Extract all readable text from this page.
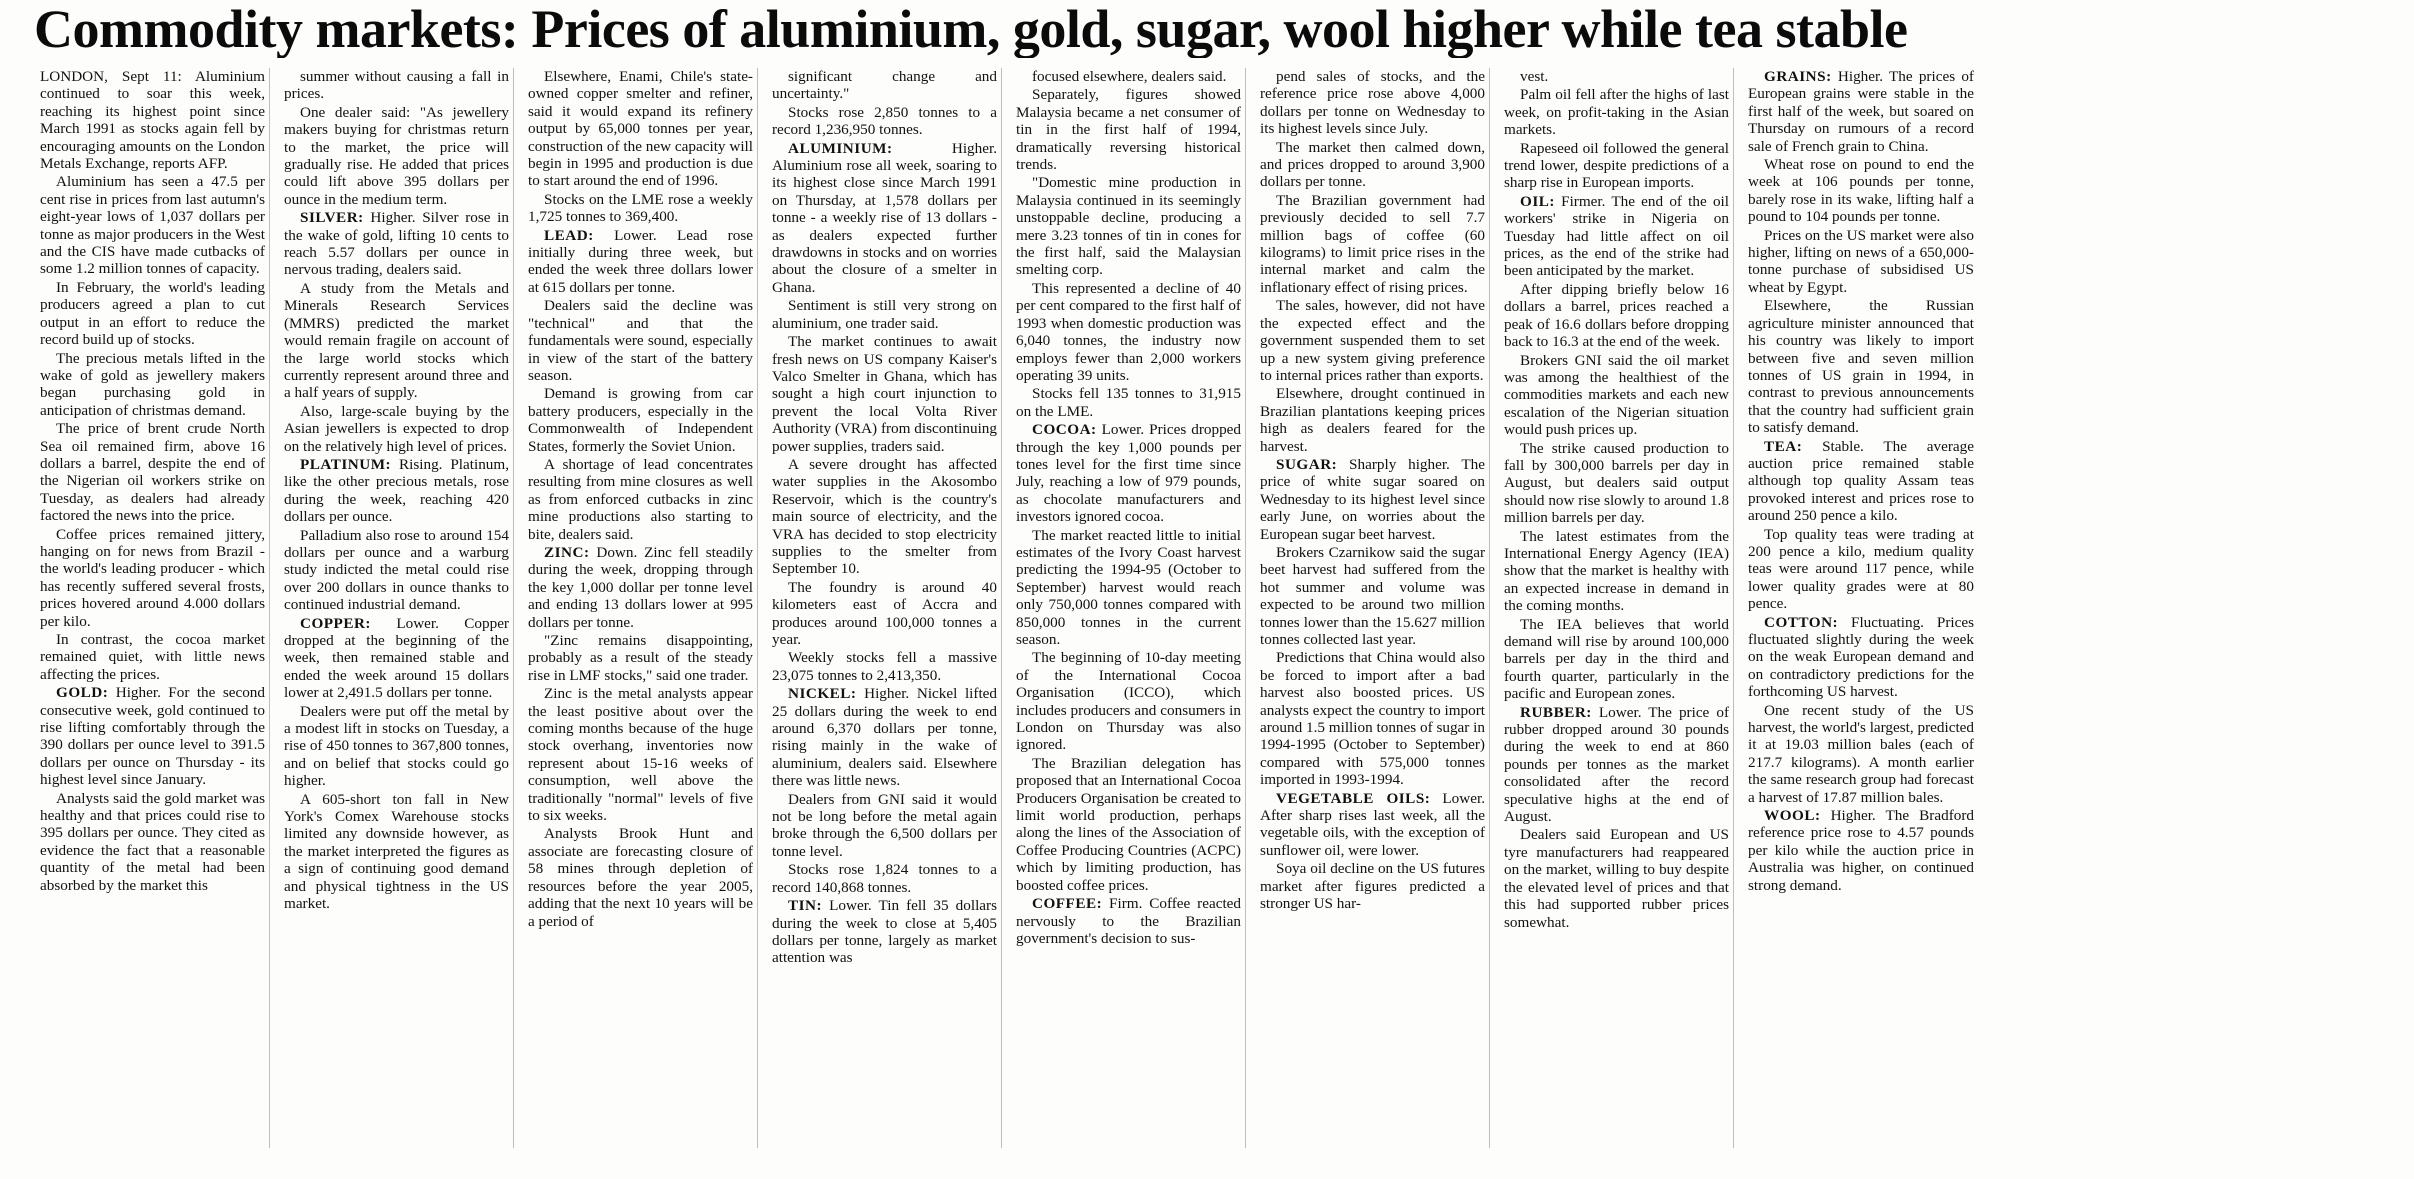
Commodity markets: Prices of aluminium, gold, sugar, wool higher while tea stable

LONDON, Sept 11: Aluminium continued to soar this week, reaching its highest point since March 1991 as stocks again fell by encouraging amounts on the London Metals Exchange, reports AFP.

Aluminium has seen a 47.5 per cent rise in prices from last autumn's eight-year lows of 1,037 dollars per tonne as major producers in the West and the CIS have made cutbacks of some 1.2 million tonnes of capacity.

In February, the world's leading producers agreed a plan to cut output in an effort to reduce the record build up of stocks.

The precious metals lifted in the wake of gold as jewellery makers began purchasing gold in anticipation of christmas demand.

The price of brent crude North Sea oil remained firm, above 16 dollars a barrel, despite the end of the Nigerian oil workers strike on Tuesday, as dealers had already factored the news into the price.

Coffee prices remained jittery, hanging on for news from Brazil - the world's leading producer - which has recently suffered several frosts, prices hovered around 4.000 dollars per kilo.

In contrast, the cocoa market remained quiet, with little news affecting the prices.

GOLD: Higher. For the second consecutive week, gold continued to rise lifting comfortably through the 390 dollars per ounce level to 391.5 dollars per ounce on Thursday - its highest level since January.

Analysts said the gold market was healthy and that prices could rise to 395 dollars per ounce. They cited as evidence the fact that a reasonable quantity of the metal had been absorbed by the market this

summer without causing a fall in prices.

One dealer said: "As jewellery makers buying for christmas return to the market, the price will gradually rise. He added that prices could lift above 395 dollars per ounce in the medium term.

SILVER: Higher. Silver rose in the wake of gold, lifting 10 cents to reach 5.57 dollars per ounce in nervous trading, dealers said.

A study from the Metals and Minerals Research Services (MMRS) predicted the market would remain fragile on account of the large world stocks which currently represent around three and a half years of supply.

Also, large-scale buying by the Asian jewellers is expected to drop on the relatively high level of prices.

PLATINUM: Rising. Platinum, like the other precious metals, rose during the week, reaching 420 dollars per ounce.

Palladium also rose to around 154 dollars per ounce and a warburg study indicted the metal could rise over 200 dollars in ounce thanks to continued industrial demand.

COPPER: Lower. Copper dropped at the beginning of the week, then remained stable and ended the week around 15 dollars lower at 2,491.5 dollars per tonne.

Dealers were put off the metal by a modest lift in stocks on Tuesday, a rise of 450 tonnes to 367,800 tonnes, and on belief that stocks could go higher.

A 605-short ton fall in New York's Comex Warehouse stocks limited any downside however, as the market interpreted the figures as a sign of continuing good demand and physical tightness in the US market.

Elsewhere, Enami, Chile's state-owned copper smelter and refiner, said it would expand its refinery output by 65,000 tonnes per year, construction of the new capacity will begin in 1995 and production is due to start around the end of 1996.

Stocks on the LME rose a weekly 1,725 tonnes to 369,400.

LEAD: Lower. Lead rose initially during three week, but ended the week three dollars lower at 615 dollars per tonne.

Dealers said the decline was "technical" and that the fundamentals were sound, especially in view of the start of the battery season.

Demand is growing from car battery producers, especially in the Commonwealth of Independent States, formerly the Soviet Union.

A shortage of lead concentrates resulting from mine closures as well as from enforced cutbacks in zinc mine productions also starting to bite, dealers said.

ZINC: Down. Zinc fell steadily during the week, dropping through the key 1,000 dollar per tonne level and ending 13 dollars lower at 995 dollars per tonne.

"Zinc remains disappointing, probably as a result of the steady rise in LMF stocks," said one trader.

Zinc is the metal analysts appear the least positive about over the coming months because of the huge stock overhang, inventories now represent about 15-16 weeks of consumption, well above the traditionally "normal" levels of five to six weeks.

Analysts Brook Hunt and associate are forecasting closure of 58 mines through depletion of resources before the year 2005, adding that the next 10 years will be a period of

significant change and uncertainty."

Stocks rose 2,850 tonnes to a record 1,236,950 tonnes.

ALUMINIUM: Higher. Aluminium rose all week, soaring to its highest close since March 1991 on Thursday, at 1,578 dollars per tonne - a weekly rise of 13 dollars - as dealers expected further drawdowns in stocks and on worries about the closure of a smelter in Ghana.

Sentiment is still very strong on aluminium, one trader said.

The market continues to await fresh news on US company Kaiser's Valco Smelter in Ghana, which has sought a high court injunction to prevent the local Volta River Authority (VRA) from discontinuing power supplies, traders said.

A severe drought has affected water supplies in the Akosombo Reservoir, which is the country's main source of electricity, and the VRA has decided to stop electricity supplies to the smelter from September 10.

The foundry is around 40 kilometers east of Accra and produces around 100,000 tonnes a year.

Weekly stocks fell a massive 23,075 tonnes to 2,413,350.

NICKEL: Higher. Nickel lifted 25 dollars during the week to end around 6,370 dollars per tonne, rising mainly in the wake of aluminium, dealers said. Elsewhere there was little news.

Dealers from GNI said it would not be long before the metal again broke through the 6,500 dollars per tonne level.

Stocks rose 1,824 tonnes to a record 140,868 tonnes.

TIN: Lower. Tin fell 35 dollars during the week to close at 5,405 dollars per tonne, largely as market attention was

focused elsewhere, dealers said.

Separately, figures showed Malaysia became a net consumer of tin in the first half of 1994, dramatically reversing historical trends.

"Domestic mine production in Malaysia continued in its seemingly unstoppable decline, producing a mere 3.23 tonnes of tin in cones for the first half, said the Malaysian smelting corp.

This represented a decline of 40 per cent compared to the first half of 1993 when domestic production was 6,040 tonnes, the industry now employs fewer than 2,000 workers operating 39 units.

Stocks fell 135 tonnes to 31,915 on the LME.

COCOA: Lower. Prices dropped through the key 1,000 pounds per tones level for the first time since July, reaching a low of 979 pounds, as chocolate manufacturers and investors ignored cocoa.

The market reacted little to initial estimates of the Ivory Coast harvest predicting the 1994-95 (October to September) harvest would reach only 750,000 tonnes compared with 850,000 tonnes in the current season.

The beginning of 10-day meeting of the International Cocoa Organisation (ICCO), which includes producers and consumers in London on Thursday was also ignored.

The Brazilian delegation has proposed that an International Cocoa Producers Organisation be created to limit world production, perhaps along the lines of the Association of Coffee Producing Countries (ACPC) which by limiting production, has boosted coffee prices.

COFFEE: Firm. Coffee reacted nervously to the Brazilian government's decision to sus-

pend sales of stocks, and the reference price rose above 4,000 dollars per tonne on Wednesday to its highest levels since July.

The market then calmed down, and prices dropped to around 3,900 dollars per tonne.

The Brazilian government had previously decided to sell 7.7 million bags of coffee (60 kilograms) to limit price rises in the internal market and calm the inflationary effect of rising prices.

The sales, however, did not have the expected effect and the government suspended them to set up a new system giving preference to internal prices rather than exports.

Elsewhere, drought continued in Brazilian plantations keeping prices high as dealers feared for the harvest.

SUGAR: Sharply higher. The price of white sugar soared on Wednesday to its highest level since early June, on worries about the European sugar beet harvest.

Brokers Czarnikow said the sugar beet harvest had suffered from the hot summer and volume was expected to be around two million tonnes lower than the 15.627 million tonnes collected last year.

Predictions that China would also be forced to import after a bad harvest also boosted prices. US analysts expect the country to import around 1.5 million tonnes of sugar in 1994-1995 (October to September) compared with 575,000 tonnes imported in 1993-1994.

VEGETABLE OILS: Lower. After sharp rises last week, all the vegetable oils, with the exception of sunflower oil, were lower.

Soya oil decline on the US futures market after figures predicted a stronger US har-

vest.

Palm oil fell after the highs of last week, on profit-taking in the Asian markets.

Rapeseed oil followed the general trend lower, despite predictions of a sharp rise in European imports.

OIL: Firmer. The end of the oil workers' strike in Nigeria on Tuesday had little affect on oil prices, as the end of the strike had been anticipated by the market.

After dipping briefly below 16 dollars a barrel, prices reached a peak of 16.6 dollars before dropping back to 16.3 at the end of the week.

Brokers GNI said the oil market was among the healthiest of the commodities markets and each new escalation of the Nigerian situation would push prices up.

The strike caused production to fall by 300,000 barrels per day in August, but dealers said output should now rise slowly to around 1.8 million barrels per day.

The latest estimates from the International Energy Agency (IEA) show that the market is healthy with an expected increase in demand in the coming months.

The IEA believes that world demand will rise by around 100,000 barrels per day in the third and fourth quarter, particularly in the pacific and European zones.

RUBBER: Lower. The price of rubber dropped around 30 pounds during the week to end at 860 pounds per tonnes as the market consolidated after the record speculative highs at the end of August.

Dealers said European and US tyre manufacturers had reappeared on the market, willing to buy despite the elevated level of prices and that this had supported rubber prices somewhat.

GRAINS: Higher. The prices of European grains were stable in the first half of the week, but soared on Thursday on rumours of a record sale of French grain to China.

Wheat rose on pound to end the week at 106 pounds per tonne, barely rose in its wake, lifting half a pound to 104 pounds per tonne.

Prices on the US market were also higher, lifting on news of a 650,000-tonne purchase of subsidised US wheat by Egypt.

Elsewhere, the Russian agriculture minister announced that his country was likely to import between five and seven million tonnes of US grain in 1994, in contrast to previous announcements that the country had sufficient grain to satisfy demand.

TEA: Stable. The average auction price remained stable although top quality Assam teas provoked interest and prices rose to around 250 pence a kilo.

Top quality teas were trading at 200 pence a kilo, medium quality teas were around 117 pence, while lower quality grades were at 80 pence.

COTTON: Fluctuating. Prices fluctuated slightly during the week on the weak European demand and on contradictory predictions for the forthcoming US harvest.

One recent study of the US harvest, the world's largest, predicted it at 19.03 million bales (each of 217.7 kilograms). A month earlier the same research group had forecast a harvest of 17.87 million bales.

WOOL: Higher. The Bradford reference price rose to 4.57 pounds per kilo while the auction price in Australia was higher, on continued strong demand.
